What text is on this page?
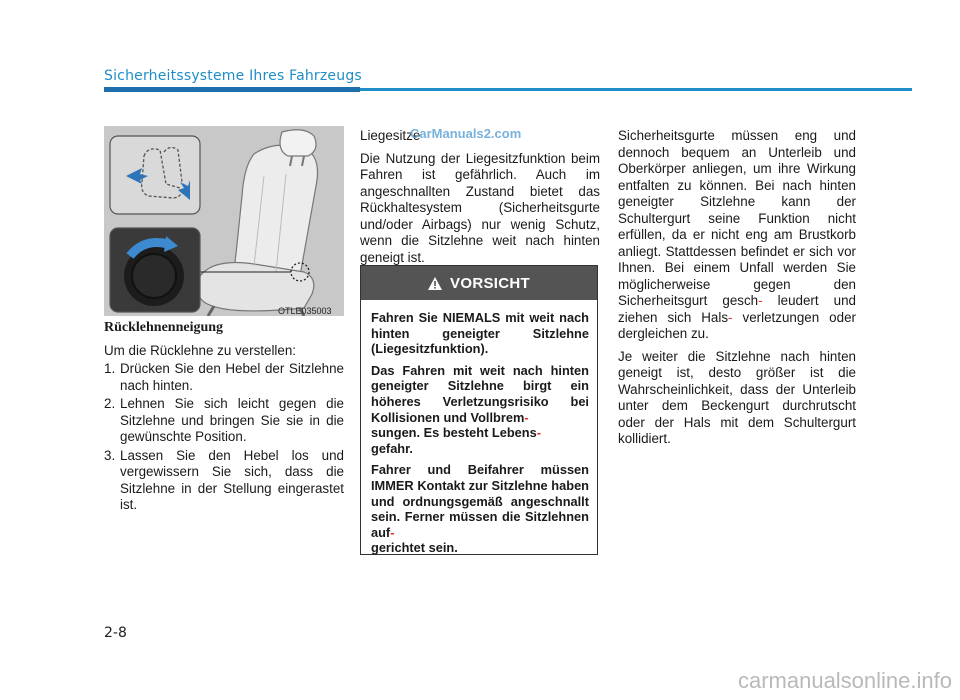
Sicherheitssysteme Ihres Fahrzeugs
OTLE035003
Rücklehnenneigung

Um die Rücklehne zu verstellen:

1. Drücken Sie den Hebel der Sitzlehne nach hinten.
2. Lehnen Sie sich leicht gegen die Sitzlehne und bringen Sie sie in die gewünschte Position.
3. Lassen Sie den Hebel los und vergewissern Sie sich, dass die Sitzlehne in der Stellung eingerastet ist.

Liegesitze

Die Nutzung der Liegesitzfunktion beim Fahren ist gefährlich. Auch im angeschnallten Zustand bietet das Rückhaltesystem (Sicherheitsgurte und/oder Airbags) nur wenig Schutz, wenn die Sitzlehne weit nach hinten geneigt ist.

CarManuals2.com
VORSICHT

Fahren Sie NIEMALS mit weit nach hinten geneigter Sitzlehne (Liegesitzfunktion).

Das Fahren mit weit nach hinten geneigter Sitzlehne birgt ein höheres Verletzungsrisiko bei Kollisionen und Vollbrem-
sungen. Es besteht Lebens-
gefahr.

Fahrer und Beifahrer müssen IMMER Kontakt zur Sitzlehne haben und ordnungsgemäß angeschnallt sein. Ferner müssen die Sitzlehnen auf-
gerichtet sein.

Sicherheitsgurte müssen eng und dennoch bequem an Unterleib und Oberkörper anliegen, um ihre Wirkung entfalten zu können. Bei nach hinten geneigter Sitzlehne kann der Schultergurt seine Funktion nicht erfüllen, da er nicht eng am Brustkorb anliegt. Stattdessen befindet er sich vor Ihnen. Bei einem Unfall werden Sie möglicherweise gegen den Sicherheitsgurt gesch- leudert und ziehen sich Hals- verletzungen oder dergleichen zu.

Je weiter die Sitzlehne nach hinten geneigt ist, desto größer ist die Wahrscheinlichkeit, dass der Unterleib unter dem Beckengurt durchrutscht oder der Hals mit dem Schultergurt kollidiert.

2-8
carmanualsonline.info
